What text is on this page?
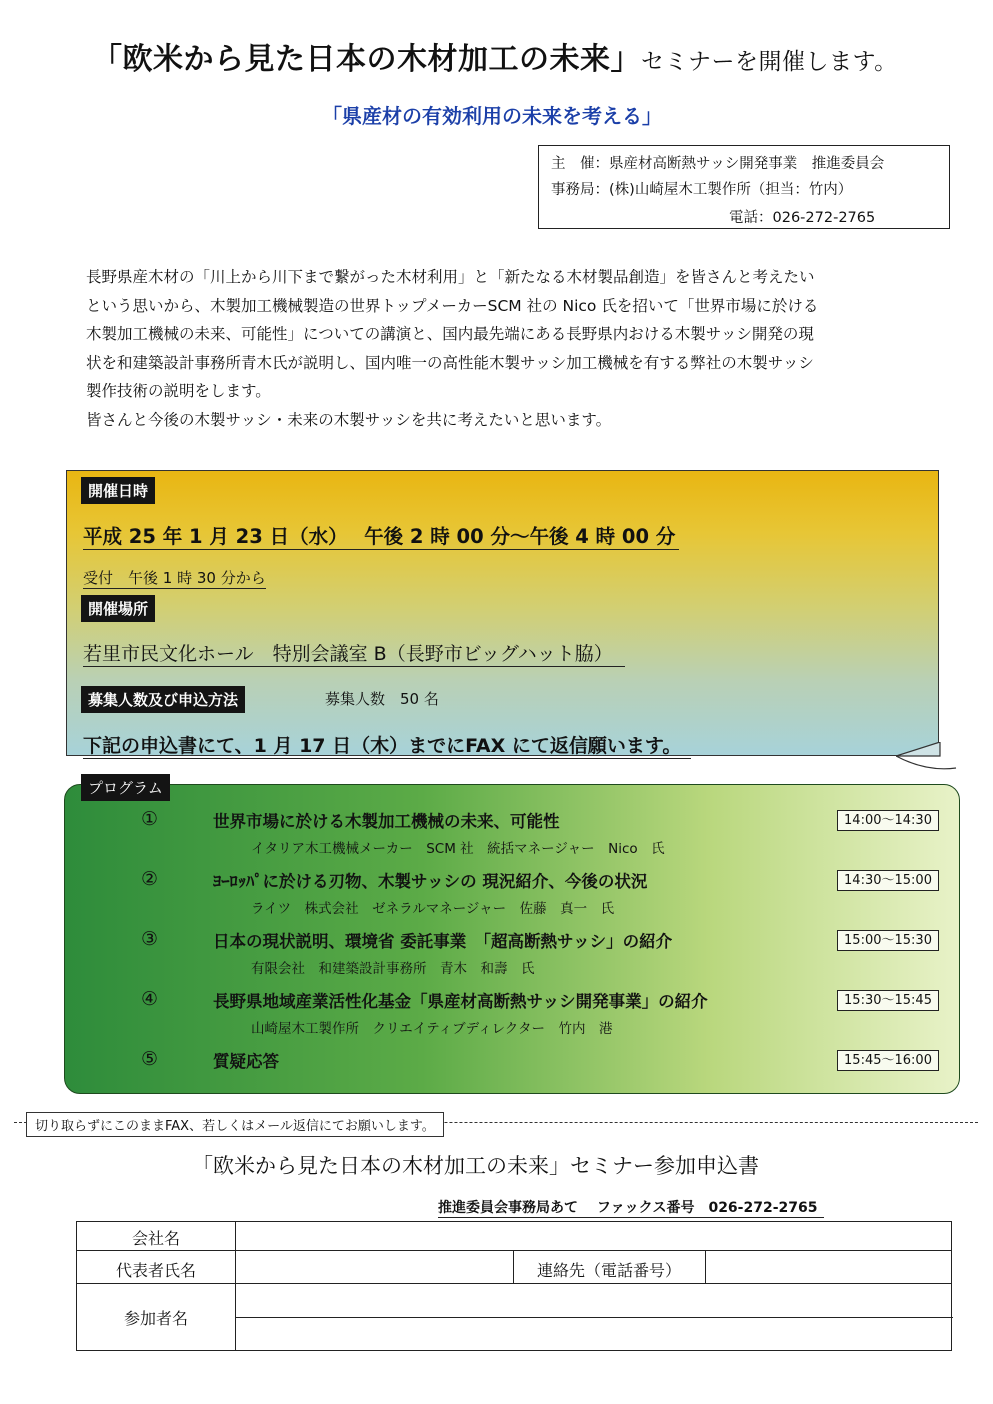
「欧米から見た日本の木材加工の未来」セミナーを開催します。
「県産材の有効利用の未来を考える」
主　催：県産材高断熱サッシ開発事業　推進委員会
事務局：(株)山崎屋木工製作所（担当：竹内）
電話：026-272-2765

長野県産木材の「川上から川下まで繋がった木材利用」と「新たなる木材製品創造」を皆さんと考えたい

という思いから、木製加工機械製造の世界トップメーカーSCM 社の Nico 氏を招いて「世界市場に於ける

木製加工機械の未来、可能性」についての講演と、国内最先端にある長野県内おける木製サッシ開発の現

状を和建築設計事務所青木氏が説明し、国内唯一の高性能木製サッシ加工機械を有する弊社の木製サッシ

製作技術の説明をします。

皆さんと今後の木製サッシ・未来の木製サッシを共に考えたいと思います。

開催日時
平成 25 年 1 月 23 日（水）　 午後 2 時 00 分〜午後 4 時 00 分
受付　午後 1 時 30 分から
開催場所
若里市民文化ホール　特別会議室 B（長野市ビッグハット脇）
募集人数及び申込方法	募集人数　50 名
下記の申込書にて、1 月 17 日（木）までにFAX にて返信願います。
プログラム
①	世界市場に於ける木製加工機械の未来、可能性
イタリア木工機械メーカー　SCM 社　統括マネージャー　Nico　氏
14:00〜14:30
②	ﾖｰﾛｯﾊﾟに於ける刃物、木製サッシの 現況紹介、今後の状況
ライツ　株式会社　ゼネラルマネージャー　佐藤　真一　氏
14:30〜15:00
③	日本の現状説明、環境省 委託事業　「超高断熱サッシ」の紹介
有限会社　和建築設計事務所　青木　和壽　氏
15:00〜15:30
④	長野県地域産業活性化基金「県産材高断熱サッシ開発事業」の紹介
山崎屋木工製作所　クリエイティブディレクター　竹内　港
15:30〜15:45
⑤	質疑応答	15:45〜16:00
切り取らずにこのままFAX、若しくはメール返信にてお願いします。
「欧米から見た日本の木材加工の未来」セミナー参加申込書
推進委員会事務局あて　 ファックス番号　026-272-2765
会社名
代表者氏名	連絡先（電話番号）
参加者名
